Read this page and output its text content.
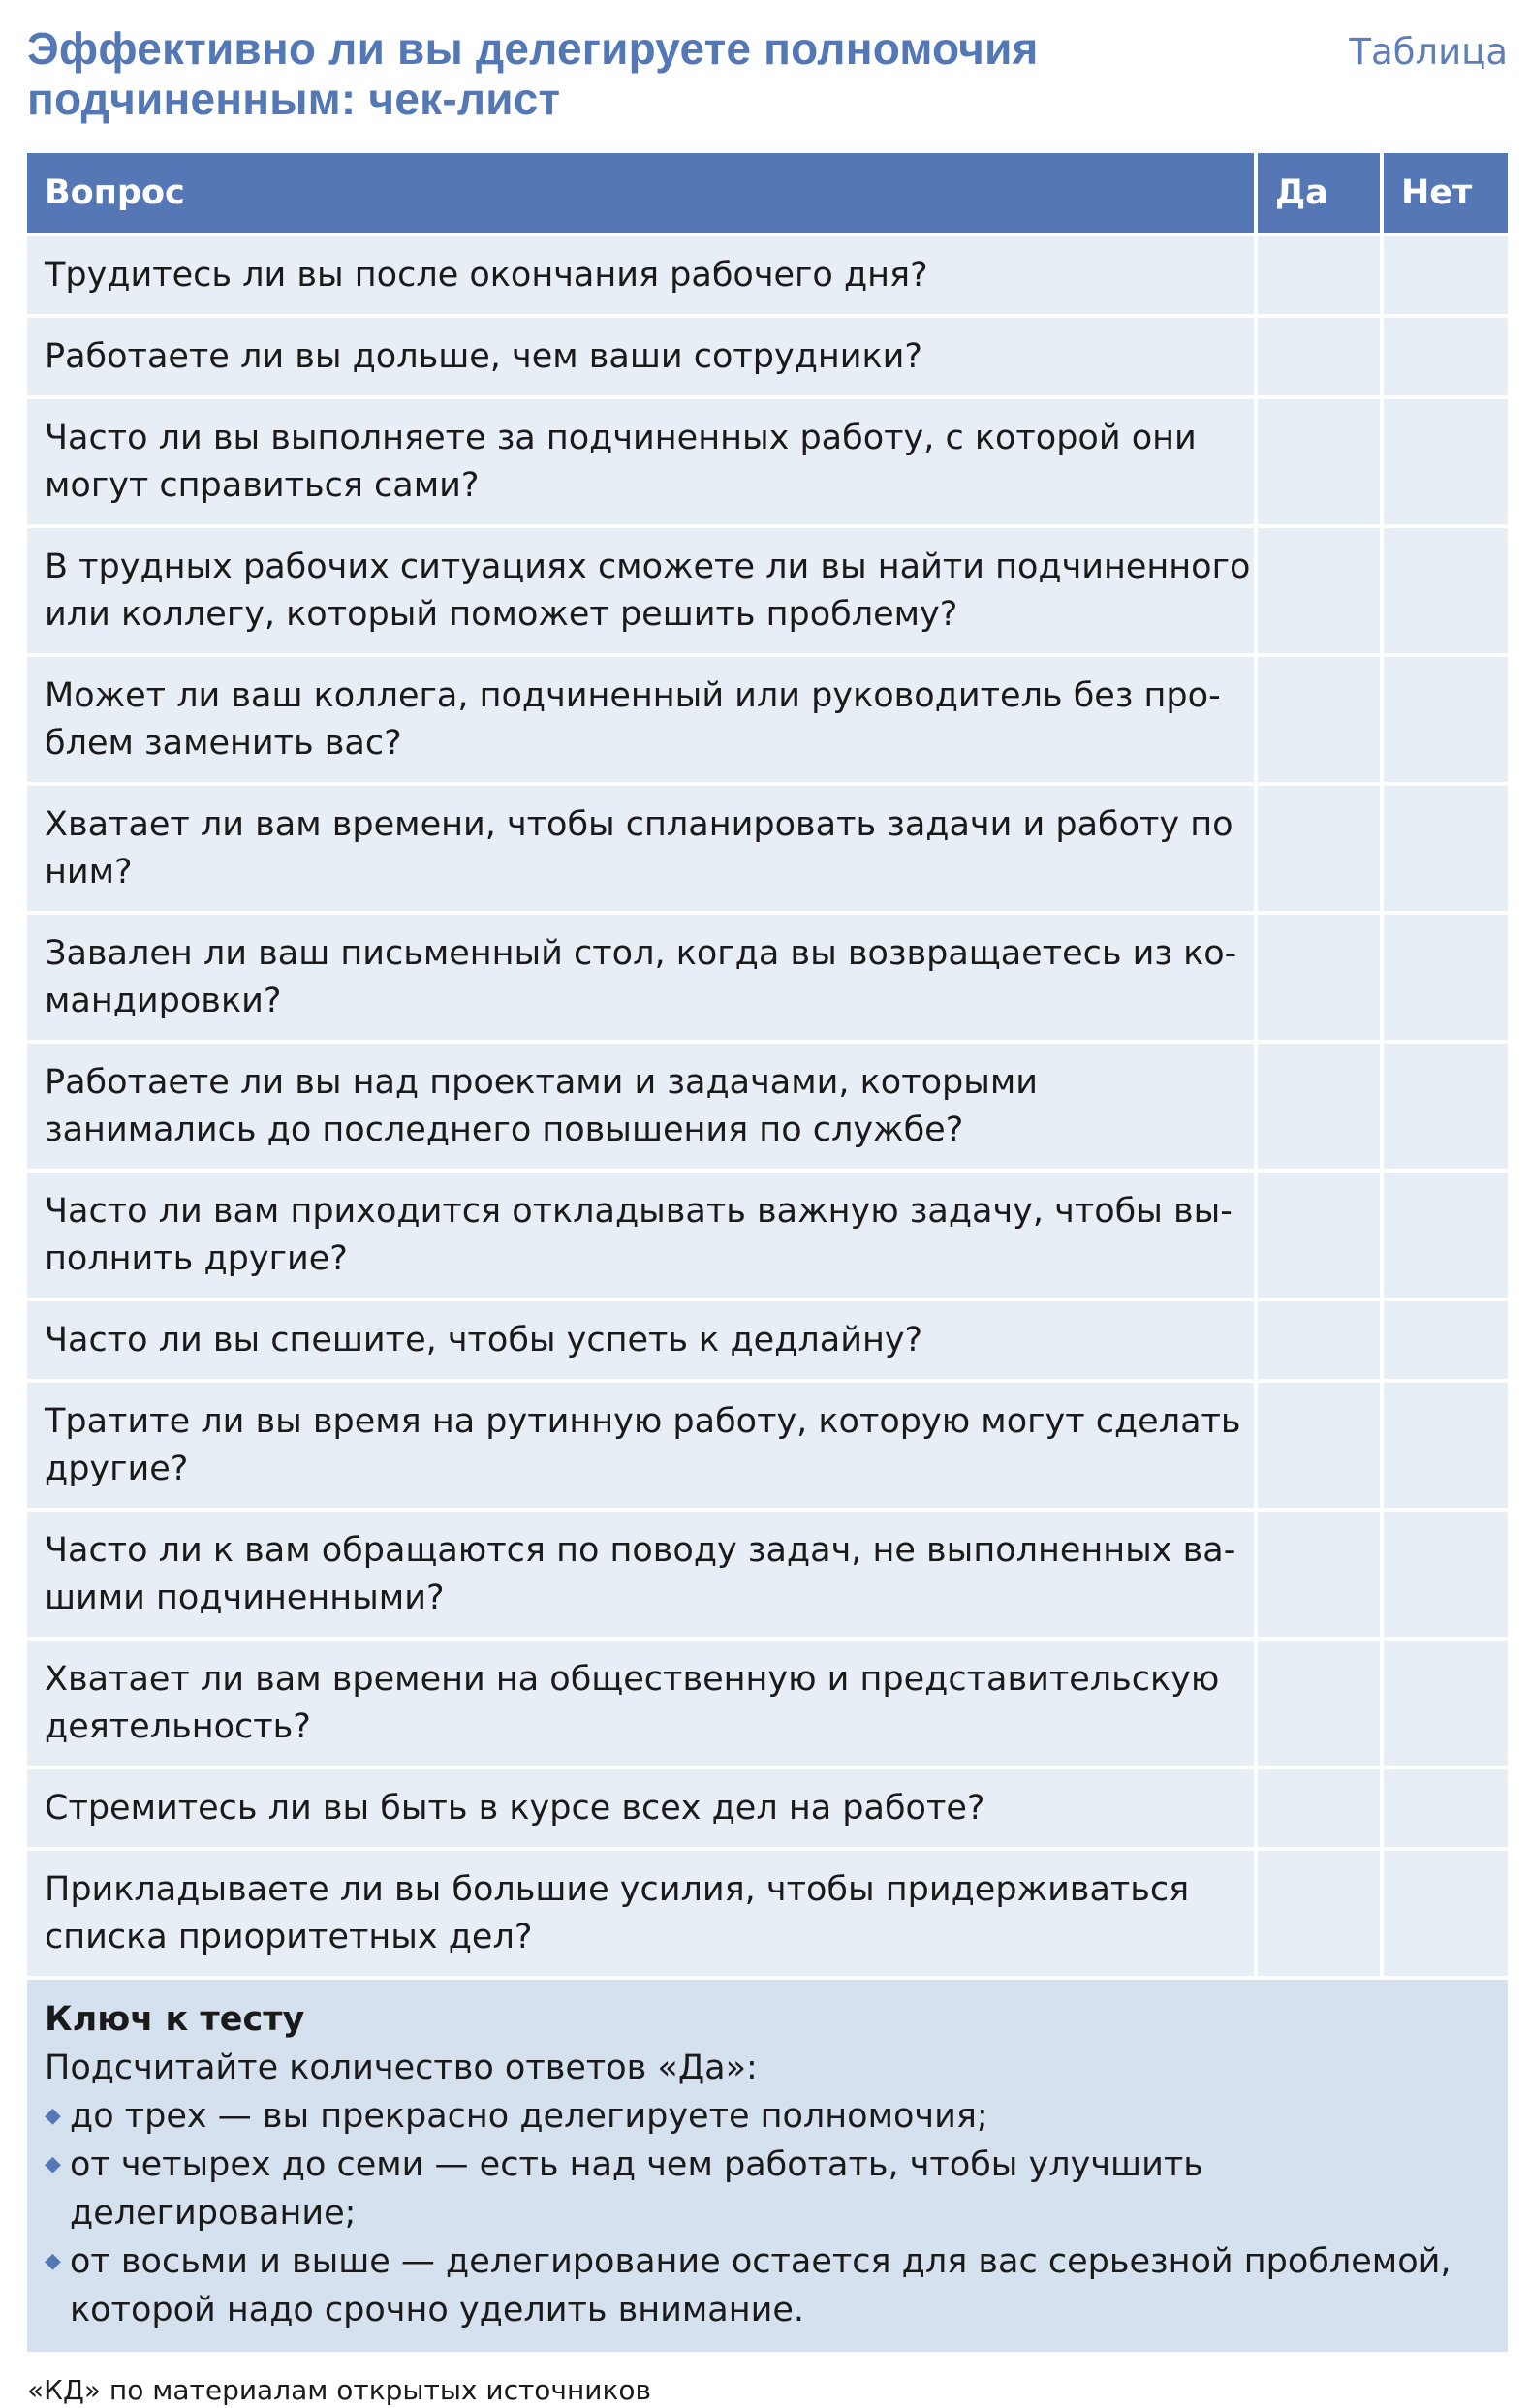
Эффективно ли вы делегируете полномочия подчиненным: чек-лист
Таблица
Вопрос	Да	Нет
Трудитесь ли вы после окончания рабочего дня?		
Работаете ли вы дольше, чем ваши сотрудники?		
Часто ли вы выполняете за подчиненных работу, с которой они могут справиться сами?		
В трудных рабочих ситуациях сможете ли вы найти подчиненного или коллегу, который поможет решить проблему?		
Может ли ваш коллега, подчиненный или руководитель без проблем заменить вас?		
Хватает ли вам времени, чтобы спланировать задачи и работу по ним?		
Завален ли ваш письменный стол, когда вы возвращаетесь из командировки?		
Работаете ли вы над проектами и задачами, которыми занимались до последнего повышения по службе?		
Часто ли вам приходится откладывать важную задачу, чтобы выполнить другие?		
Часто ли вы спешите, чтобы успеть к дедлайну?		
Тратите ли вы время на рутинную работу, которую могут сделать другие?		
Часто ли к вам обращаются по поводу задач, не выполненных вашими подчиненными?		
Хватает ли вам времени на общественную и представительскую деятельность?		
Стремитесь ли вы быть в курсе всех дел на работе?		
Прикладываете ли вы большие усилия, чтобы придерживаться списка приоритетных дел?		
Ключ к тесту
Подсчитайте количество ответов «Да»:
◆ до трех — вы прекрасно делегируете полномочия;
◆ от четырех до семи — есть над чем работать, чтобы улучшить делегирование;
◆ от восьми и выше — делегирование остается для вас серьезной проблемой, которой надо срочно уделить внимание.
«КД» по материалам открытых источников
